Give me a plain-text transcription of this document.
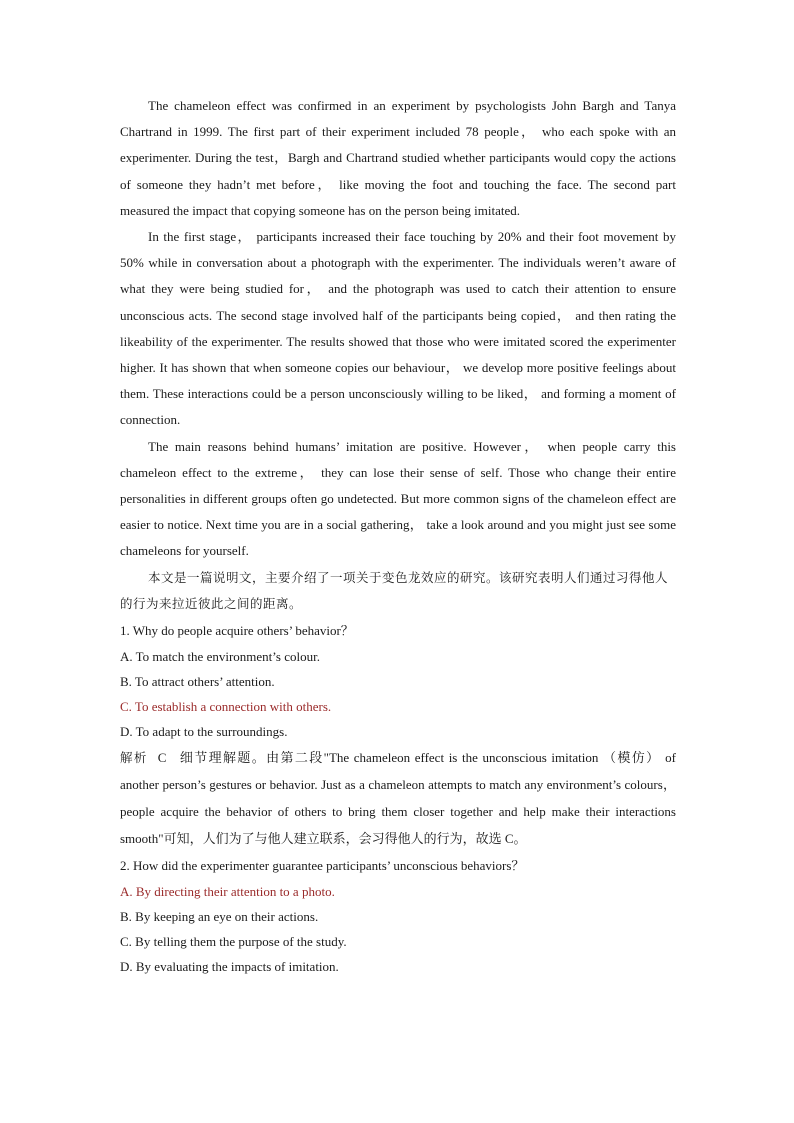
The chameleon effect was confirmed in an experiment by psychologists John Bargh and Tanya Chartrand in 1999. The first part of their experiment included 78 people， who each spoke with an experimenter. During the test，Bargh and Chartrand studied whether participants would copy the actions of someone they hadn’t met before， like moving the foot and touching the face. The second part measured the impact that copying someone has on the person being imitated.

In the first stage， participants increased their face touching by 20% and their foot movement by 50% while in conversation about a photograph with the experimenter. The individuals weren’t aware of what they were being studied for， and the photograph was used to catch their attention to ensure unconscious acts. The second stage involved half of the participants being copied， and then rating the likeability of the experimenter. The results showed that those who were imitated scored the experimenter higher. It has shown that when someone copies our behaviour， we develop more positive feelings about them. These interactions could be a person unconsciously willing to be liked， and forming a moment of connection.

The main reasons behind humans’ imitation are positive. However， when people carry this chameleon effect to the extreme， they can lose their sense of self. Those who change their entire personalities in different groups often go undetected. But more common signs of the chameleon effect are easier to notice. Next time you are in a social gathering， take a look around and you might just see some chameleons for yourself.

本文是一篇说明文，主要介绍了一项关于变色龙效应的研究。该研究表明人们通过习得他人的行为来拉近彼此之间的距离。

1. Why do people acquire others’ behavior？

A. To match the environment’s colour.

B. To attract others’ attention.

C. To establish a connection with others.

D. To adapt to the surroundings.

解析 C 细节理解题。由第二段"The chameleon effect is the unconscious imitation （模仿） of another person’s gestures or behavior. Just as a chameleon attempts to match any environment’s colours， people acquire the behavior of others to bring them closer together and help make their interactions smooth"可知，人们为了与他人建立联系，会习得他人的行为，故选 C。

2. How did the experimenter guarantee participants’ unconscious behaviors？

A. By directing their attention to a photo.

B. By keeping an eye on their actions.

C. By telling them the purpose of the study.

D. By evaluating the impacts of imitation.
